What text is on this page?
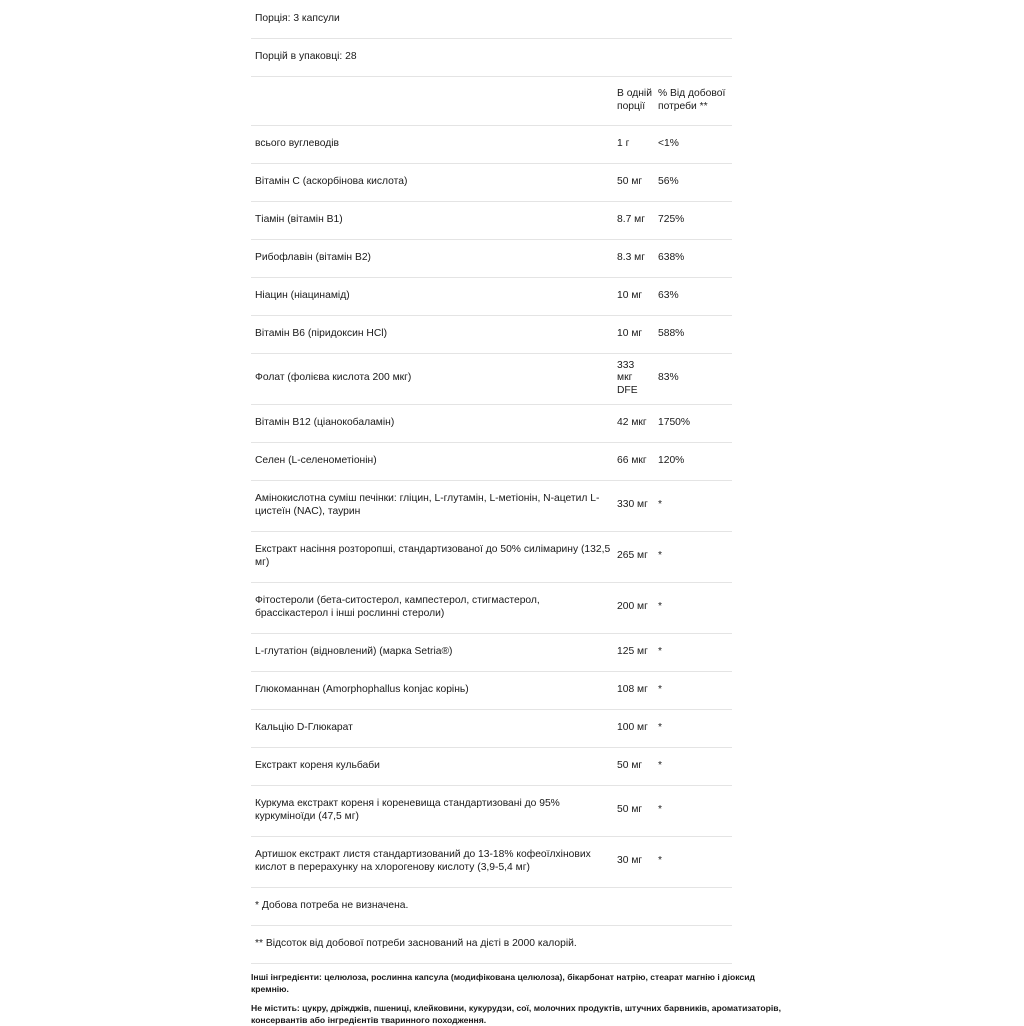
Порція: 3 капсули		
Порцій в упаковці: 28		
	В одній порції	% Від добової потреби **
всього вуглеводів	1 г	<1%
Вітамін C (аскорбінова кислота)	50 мг	56%
Тіамін (вітамін B1)	8.7 мг	725%
Рибофлавін (вітамін B2)	8.3 мг	638%
Ніацин (ніацинамід)	10 мг	63%
Вітамін B6 (піридоксин HCl)	10 мг	588%
Фолат (фолієва кислота 200 мкг)	333 мкг DFE	83%
Вітамін B12 (ціанокобаламін)	42 мкг	1750%
Селен (L-селенометіонін)	66 мкг	120%
Амінокислотна суміш печінки: гліцин, L-глутамін, L-метіонін, N-ацетил L-цистеїн (NAC), таурин	330 мг	*
Екстракт насіння розторопші, стандартизованої до 50% силімарину (132,5 мг)	265 мг	*
Фітостероли (бета-ситостерол, кампестерол, стигмастерол, брассікастерол і інші рослинні стероли)	200 мг	*
L-глутатіон (відновлений) (марка Setria®)	125 мг	*
Глюкоманнан (Amorphophallus konjac корінь)	108 мг	*
Кальцію D-Глюкарат	100 мг	*
Екстракт кореня кульбаби	50 мг	*
Куркума екстракт кореня і кореневища стандартизовані до 95% куркуміноїди (47,5 мг)	50 мг	*
Артишок екстракт листя стандартизований до 13-18% кофеоїлхінових кислот в перерахунку на хлорогенову кислоту (3,9-5,4 мг)	30 мг	*
* Добова потреба не визначена.		
** Відсоток від добової потреби заснований на дієті в 2000 калорій.		
Інші інгредієнти: целюлоза, рослинна капсула (модифікована целюлоза), бікарбонат натрію, стеарат магнію і діоксид кремнію.
Не містить: цукру, дріжджів, пшениці, клейковини, кукурудзи, сої, молочних продуктів, штучних барвників, ароматизаторів, консервантів або інгредієнтів тваринного походження.
